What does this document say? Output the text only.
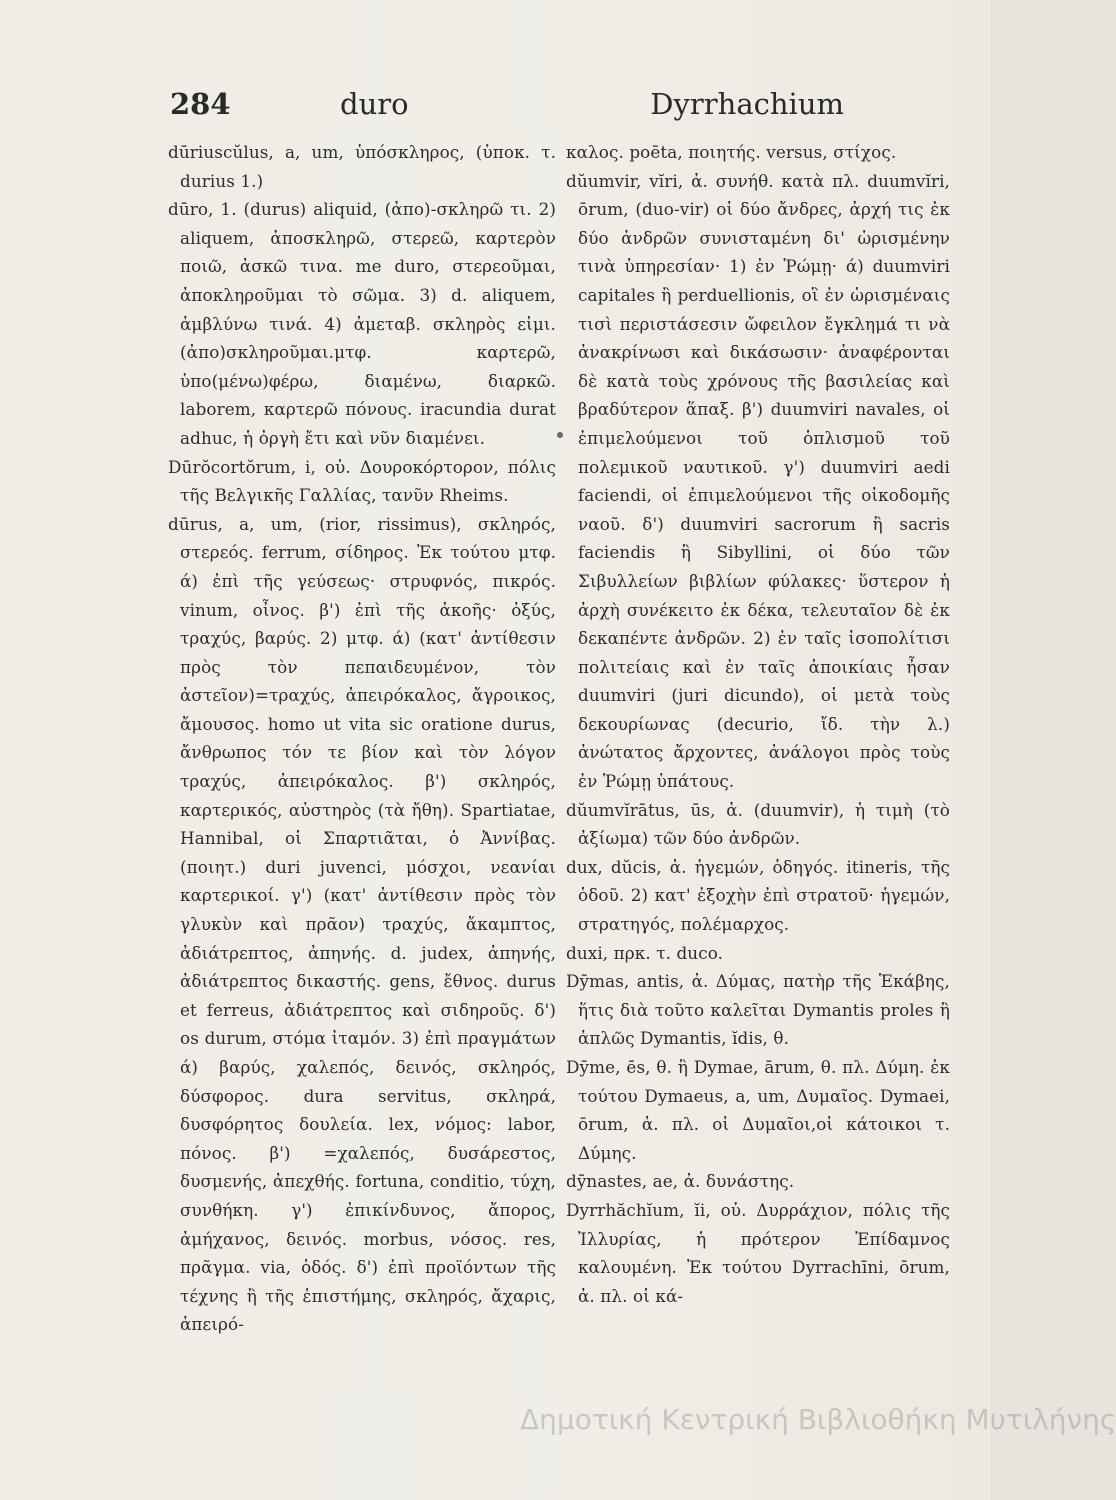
284	duro	Dyrrhachium

dūriuscŭlus, a, um, ὑπόσκληρος, (ὑποκ. τ. durius 1.)

dūro, 1. (durus) aliquid, (ἀπο)-σκληρῶ τι. 2) aliquem, ἀποσκληρῶ, στερεῶ, καρτερὸν ποιῶ, ἀσκῶ τινα. me duro, στερεοῦμαι, ἀποκληροῦμαι τὸ σῶμα. 3) d. aliquem, ἀμβλύνω τινά. 4) ἀμεταβ. σκληρὸς εἰμι.(ἀπο)σκληροῦμαι.μτφ. καρτερῶ, ὑπο(μένω)φέρω, διαμένω, διαρκῶ. laborem, καρτερῶ πόνους. iracundia durat adhuc, ἡ ὀργὴ ἔτι καὶ νῦν διαμένει.

Dūrŏcortŏrum, i, οὐ. Δουροκόρτορον, πόλις τῆς Βελγικῆς Γαλλίας, τανῦν Rheims.

dūrus, a, um, (rior, rissimus), σκληρός, στερεός. ferrum, σίδηρος. Ἐκ τούτου μτφ. ά) ἐπὶ τῆς γεύσεως· στρυφνός, πικρός. vinum, οἶνος. β') ἐπὶ τῆς ἀκοῆς· ὀξύς, τραχύς, βαρύς. 2) μτφ. ά) (κατ' ἀντίθεσιν πρὸς τὸν πεπαιδευμένον, τὸν ἀστεῖον)=τραχύς, ἀπειρόκαλος, ἄγροικος, ἄμουσος. homo ut vita sic oratione durus, ἄνθρωπος τόν τε βίον καὶ τὸν λόγον τραχύς, ἀπειρόκαλος. β') σκληρός, καρτερικός, αὐστηρὸς (τὰ ἤθη). Spartiatae, Hannibal, οἱ Σπαρτιᾶται, ὁ Ἀννίβας. (ποιητ.) duri juvenci, μόσχοι, νεανίαι καρτερικοί. γ') (κατ' ἀντίθεσιν πρὸς τὸν γλυκὺν καὶ πρᾶον) τραχύς, ἄκαμπτος, ἀδιάτρεπτος, ἀπηνής. d. judex, ἀπηνής, ἀδιάτρεπτος δικαστής. gens, ἔθνος. durus et ferreus, ἀδιάτρεπτος καὶ σιδηροῦς. δ') os durum, στόμα ἰταμόν. 3) ἐπὶ πραγμάτων ά) βαρύς, χαλεπός, δεινός, σκληρός, δύσφορος. dura servitus, σκληρά, δυσφόρητος δουλεία. lex, νόμος: labor, πόνος. β') =χαλεπός, δυσάρεστος, δυσμενής, ἀπεχθής. fortuna, conditio, τύχη, συνθήκη. γ') ἐπικίνδυνος, ἄπορος, ἀμήχανος, δεινός. morbus, νόσος. res, πρᾶγμα. via, ὁδός. δ') ἐπὶ προϊόντων τῆς τέχνης ἢ τῆς ἐπιστήμης, σκληρός, ἄχαρις, ἀπειρό-

καλος. poēta, ποιητής. versus, στίχος.

dŭumvir, vĭri, ἀ. συνήθ. κατὰ πλ. duumvĭri, ōrum, (duo-vir) οἱ δύο ἄνδρες, ἀρχή τις ἐκ δύο ἀνδρῶν συνισταμένη δι' ὡρισμένην τινὰ ὑπηρεσίαν· 1) ἐν Ῥώμῃ· ά) duumviri capitales ἢ perduellionis, οἳ ἐν ὡρισμέναις τισὶ περιστάσεσιν ὤφειλον ἔγκλημά τι νὰ ἀνακρίνωσι καὶ δικάσωσιν· ἀναφέρονται δὲ κατὰ τοὺς χρόνους τῆς βασιλείας καὶ βραδύτερον ἅπαξ. β') duumviri navales, οἱ ἐπιμελούμενοι τοῦ ὁπλισμοῦ τοῦ πολεμικοῦ ναυτικοῦ. γ') duumviri aedi faciendi, οἱ ἐπιμελούμενοι τῆς οἰκοδομῆς ναοῦ. δ') duumviri sacrorum ἢ sacris faciendis ἢ Sibyllini, οἱ δύο τῶν Σιβυλλείων βιβλίων φύλακες· ὕστερον ἡ ἀρχὴ συνέκειτο ἐκ δέκα, τελευταῖον δὲ ἐκ δεκαπέντε ἀνδρῶν. 2) ἐν ταῖς ἰσοπολίτισι πολιτείαις καὶ ἐν ταῖς ἀποικίαις ἦσαν duumviri (juri dicundo), οἱ μετὰ τοὺς δεκουρίωνας (decurio, ἴδ. τὴν λ.) ἀνώτατος ἄρχοντες, ἀνάλογοι πρὸς τοὺς ἐν Ῥώμῃ ὑπάτους.

dŭumvĭrātus, ūs, ἀ. (duumvir), ἡ τιμὴ (τὸ ἀξίωμα) τῶν δύο ἀνδρῶν.

dux, dŭcis, ἀ. ἡγεμών, ὁδηγός. itineris, τῆς ὁδοῦ. 2) κατ' ἐξοχὴν ἐπὶ στρατοῦ· ἡγεμών, στρατηγός, πολέμαρχος.

duxi, πρκ. τ. duco.

Dȳmas, antis, ἀ. Δύμας, πατὴρ τῆς Ἑκάβης, ἥτις διὰ τοῦτο καλεῖται Dymantis proles ἢ ἁπλῶς Dymantis, ĭdis, θ.

Dȳme, ēs, θ. ἢ Dymae, ārum, θ. πλ. Δύμη. ἐκ τούτου Dymaeus, a, um, Δυμαῖος. Dymaei, ōrum, ἀ. πλ. οἱ Δυμαῖοι,οἱ κάτοικοι τ. Δύμης.

dȳnastes, ae, ἀ. δυνάστης.

Dyrrhăchĭum, ĭi, οὐ. Δυρράχιον, πόλις τῆς Ἰλλυρίας, ἡ πρότερον Ἐπίδαμνος καλουμένη. Ἐκ τούτου Dyrrachīni, ōrum, ἀ. πλ. οἱ κά-

Δημοτική Κεντρική Βιβλιοθήκη Μυτιλήνης
